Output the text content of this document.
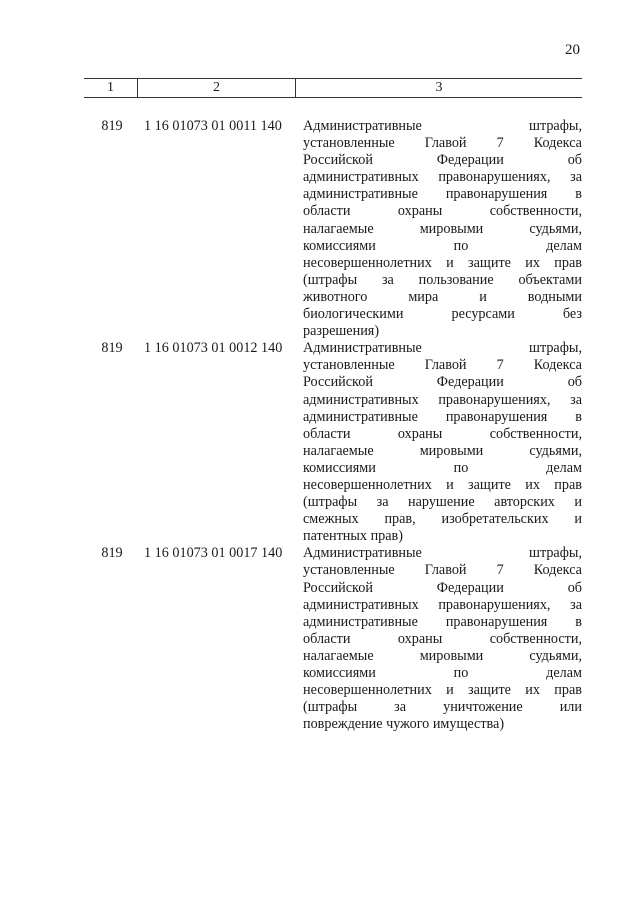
20
1	2	3
819	1 16 01073 01 0011 140	Административные	штрафы,
установленные Главой 7 Кодекса
Российской	Федерации	об
административных правонарушениях, за
административные правонарушения в
области	охраны	собственности,
налагаемые	мировыми	судьями,
комиссиями	по	делам
несовершеннолетних и защите их прав
(штрафы за пользование объектами
животного	мира	и	водными
биологическими	ресурсами	без
разрешения)
819	1 16 01073 01 0012 140	Административные	штрафы,
установленные Главой 7 Кодекса
Российской	Федерации	об
административных правонарушениях, за
административные правонарушения в
области	охраны	собственности,
налагаемые	мировыми	судьями,
комиссиями	по	делам
несовершеннолетних и защите их прав
(штрафы за нарушение авторских и
смежных прав, изобретательских и
патентных прав)
819	1 16 01073 01 0017 140	Административные	штрафы,
установленные Главой 7 Кодекса
Российской	Федерации	об
административных правонарушениях, за
административные правонарушения в
области	охраны	собственности,
налагаемые	мировыми	судьями,
комиссиями	по	делам
несовершеннолетних и защите их прав
(штрафы	за	уничтожение	или
повреждение чужого имущества)
